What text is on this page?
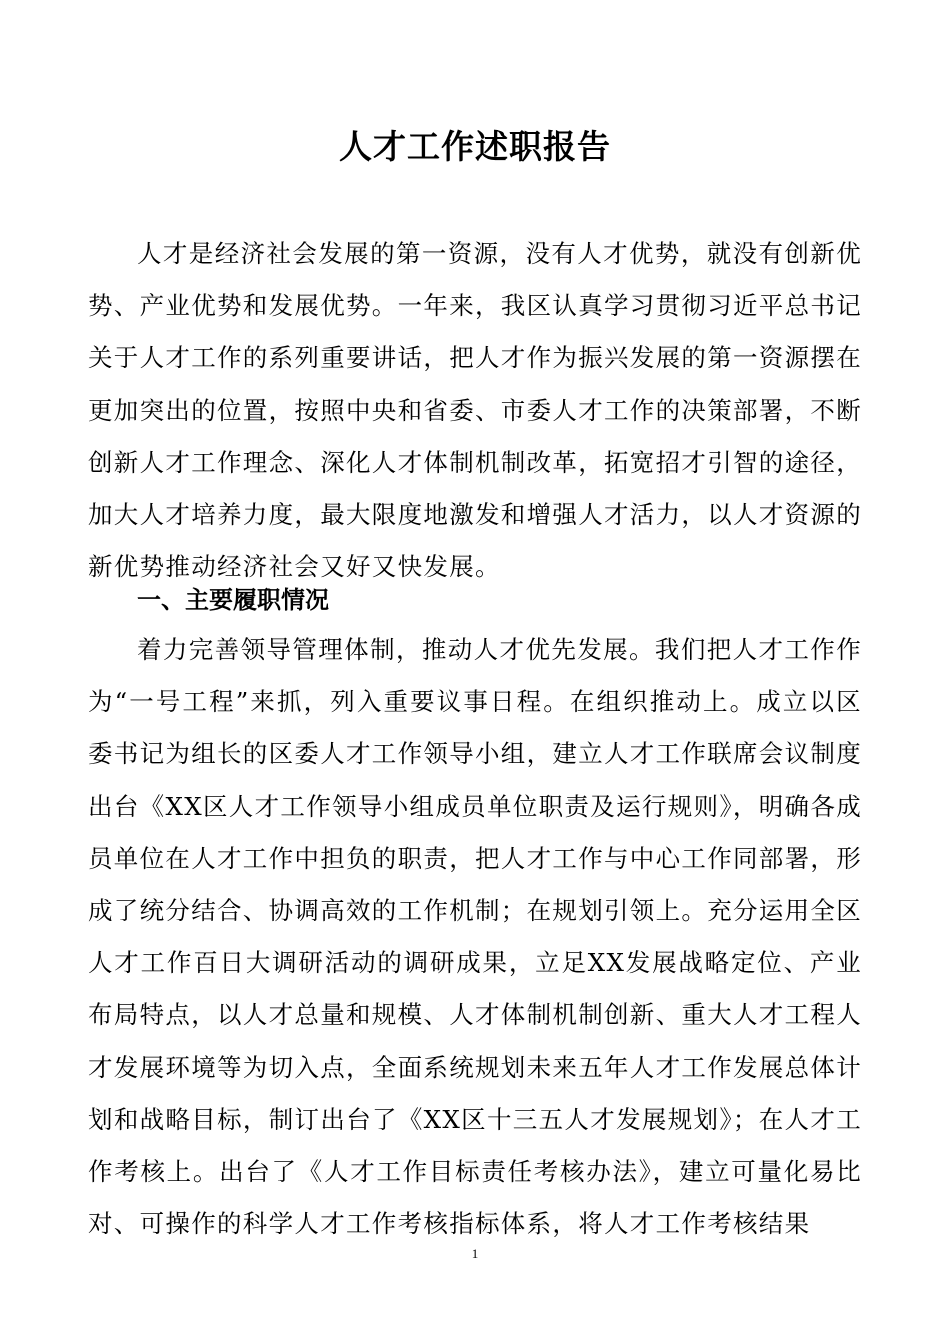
人才工作述职报告

人才是经济社会发展的第一资源，没有人才优势，就没有创新优势、产业优势和发展优势。一年来，我区认真学习贯彻习近平总书记关于人才工作的系列重要讲话，把人才作为振兴发展的第一资源摆在更加突出的位置，按照中央和省委、市委人才工作的决策部署，不断创新人才工作理念、深化人才体制机制改革，拓宽招才引智的途径，加大人才培养力度，最大限度地激发和增强人才活力，以人才资源的新优势推动经济社会又好又快发展。

一、主要履职情况

着力完善领导管理体制，推动人才优先发展。我们把人才工作作为“一号工程”来抓，列入重要议事日程。在组织推动上。成立以区委书记为组长的区委人才工作领导小组，建立人才工作联席会议制度出台《XX区人才工作领导小组成员单位职责及运行规则》，明确各成员单位在人才工作中担负的职责，把人才工作与中心工作同部署，形成了统分结合、协调高效的工作机制；在规划引领上。充分运用全区人才工作百日大调研活动的调研成果，立足XX发展战略定位、产业布局特点，以人才总量和规模、人才体制机制创新、重大人才工程人才发展环境等为切入点，全面系统规划未来五年人才工作发展总体计划和战略目标，制订出台了《XX区十三五人才发展规划》；在人才工作考核上。出台了《人才工作目标责任考核办法》，建立可量化易比对、可操作的科学人才工作考核指标体系，将人才工作考核结果

1
